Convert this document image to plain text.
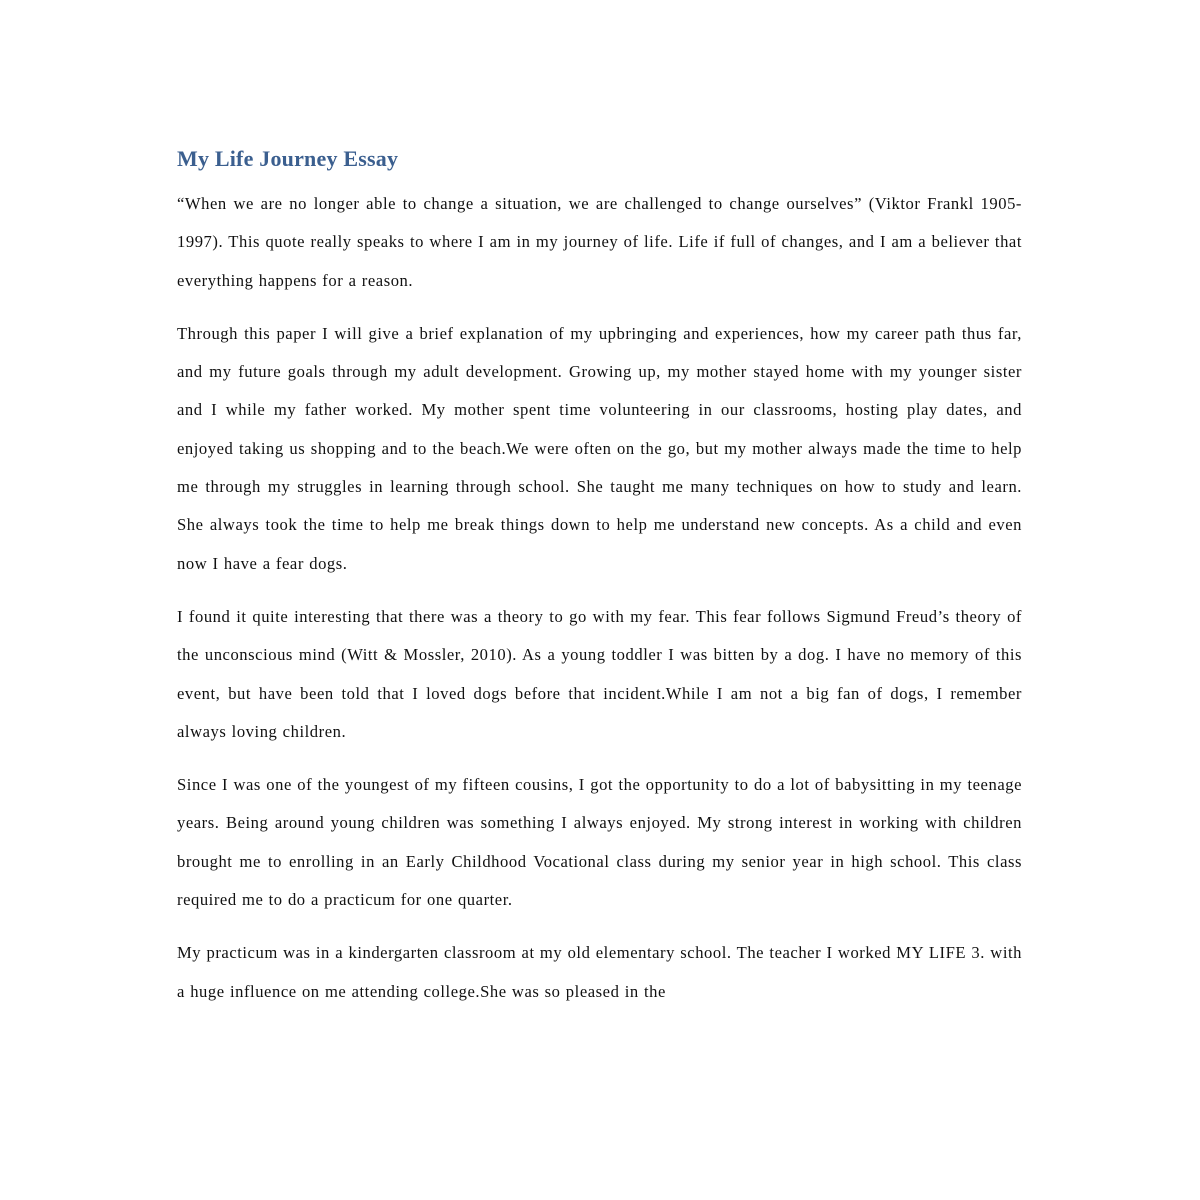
My Life Journey Essay

“When we are no longer able to change a situation, we are challenged to change ourselves” (Viktor Frankl 1905-1997). This quote really speaks to where I am in my journey of life. Life if full of changes, and I am a believer that everything happens for a reason.

Through this paper I will give a brief explanation of my upbringing and experiences, how my career path thus far, and my future goals through my adult development. Growing up, my mother stayed home with my younger sister and I while my father worked. My mother spent time volunteering in our classrooms, hosting play dates, and enjoyed taking us shopping and to the beach.We were often on the go, but my mother always made the time to help me through my struggles in learning through school. She taught me many techniques on how to study and learn. She always took the time to help me break things down to help me understand new concepts. As a child and even now I have a fear dogs.

I found it quite interesting that there was a theory to go with my fear. This fear follows Sigmund Freud’s theory of the unconscious mind (Witt & Mossler, 2010). As a young toddler I was bitten by a dog. I have no memory of this event, but have been told that I loved dogs before that incident.While I am not a big fan of dogs, I remember always loving children.

Since I was one of the youngest of my fifteen cousins, I got the opportunity to do a lot of babysitting in my teenage years. Being around young children was something I always enjoyed. My strong interest in working with children brought me to enrolling in an Early Childhood Vocational class during my senior year in high school. This class required me to do a practicum for one quarter.

My practicum was in a kindergarten classroom at my old elementary school. The teacher I worked MY LIFE 3. with a huge influence on me attending college.She was so pleased in the
